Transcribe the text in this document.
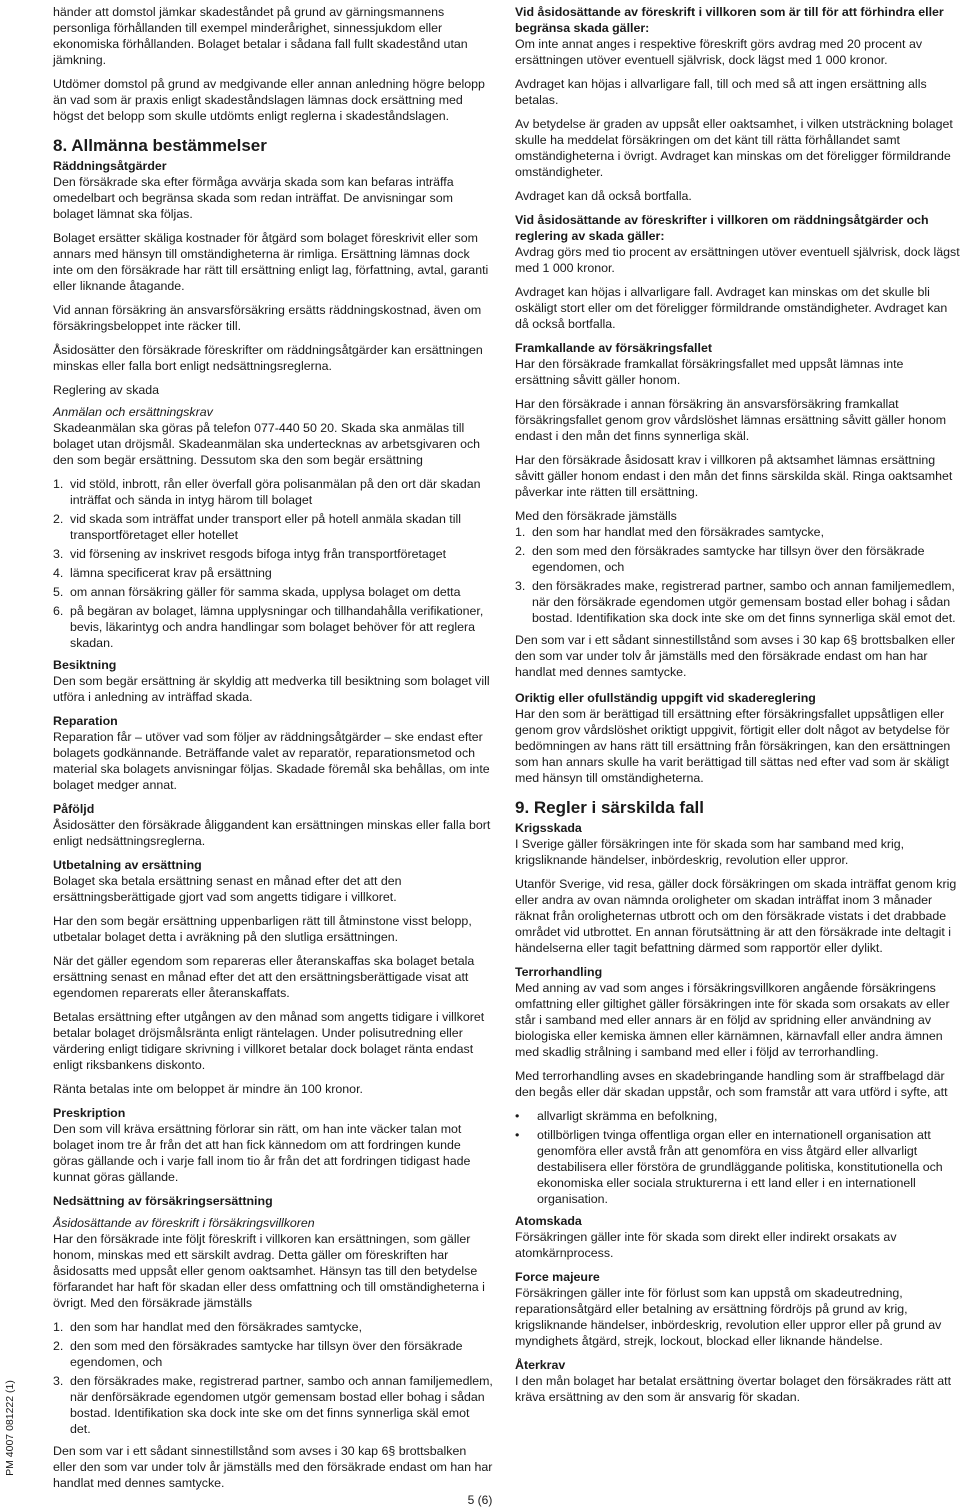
händer att domstol jämkar skadeståndet på grund av gärningsmannens personliga förhållanden till exempel minderårighet, sinnessjukdom eller ekonomiska förhållanden. Bolaget betalar i sådana fall fullt skadestånd utan jämkning.

Utdömer domstol på grund av medgivande eller annan anledning högre belopp än vad som är praxis enligt skadeståndslagen lämnas dock ersättning med högst det belopp som skulle utdömts enligt reglerna i skadeståndslagen.

8. Allmänna bestämmelser
Räddningsåtgärder

Den försäkrade ska efter förmåga avvärja skada som kan befaras inträffa omedelbart och begränsa skada som redan inträffat. De anvisningar som bolaget lämnat ska följas.

Bolaget ersätter skäliga kostnader för åtgärd som bolaget föreskrivit eller som annars med hänsyn till omständigheterna är rimliga. Ersättning lämnas dock inte om den försäkrade har rätt till ersättning enligt lag, författning, avtal, garanti eller liknande åtagande.

Vid annan försäkring än ansvarsförsäkring ersätts räddningskostnad, även om försäkringsbeloppet inte räcker till.

Åsidosätter den försäkrade föreskrifter om räddningsåtgärder kan ersättningen minskas eller falla bort enligt nedsättningsreglerna.

Reglering av skada
Anmälan och ersättningskrav

Skadeanmälan ska göras på telefon 077-440 50 20. Skada ska anmälas till bolaget utan dröjsmål. Skadeanmälan ska undertecknas av arbetsgivaren och den som begär ersättning. Dessutom ska den som begär ersättning

1. vid stöld, inbrott, rån eller överfall göra polisanmälan på den ort där skadan inträffat och sända in intyg härom till bolaget
2. vid skada som inträffat under transport eller på hotell anmäla skadan till transportföretaget eller hotellet
3. vid försening av inskrivet resgods bifoga intyg från transportföretaget
4. lämna specificerat krav på ersättning
5. om annan försäkring gäller för samma skada, upplysa bolaget om detta
6. på begäran av bolaget, lämna upplysningar och tillhandahålla verifikationer, bevis, läkarintyg och andra handlingar som bolaget behöver för att reglera skadan.
Besiktning

Den som begär ersättning är skyldig att medverka till besiktning som bolaget vill utföra i anledning av inträffad skada.

Reparation

Reparation får – utöver vad som följer av räddningsåtgärder – ske endast efter bolagets godkännande. Beträffande valet av reparatör, reparationsmetod och material ska bolagets anvisningar följas. Skadade föremål ska behållas, om inte bolaget medger annat.

Påföljd

Åsidosätter den försäkrade åliggandent kan ersättningen minskas eller falla bort enligt nedsättningsreglerna.

Utbetalning av ersättning

Bolaget ska betala ersättning senast en månad efter det att den ersättningsberättigade gjort vad som angetts tidigare i villkoret.

Har den som begär ersättning uppenbarligen rätt till åtminstone visst belopp, utbetalar bolaget detta i avräkning på den slutliga ersättningen.

När det gäller egendom som repareras eller återanskaffas ska bolaget betala ersättning senast en månad efter det att den ersättningsberättigade visat att egendomen reparerats eller återanskaffats.

Betalas ersättning efter utgången av den månad som angetts tidigare i villkoret betalar bolaget dröjsmålsränta enligt räntelagen. Under polisutredning eller värdering enligt tidigare skrivning i villkoret betalar dock bolaget ränta endast enligt riksbankens diskonto.

Ränta betalas inte om beloppet är mindre än 100 kronor.

Preskription

Den som vill kräva ersättning förlorar sin rätt, om han inte väcker talan mot bolaget inom tre år från det att han fick kännedom om att fordringen kunde göras gällande och i varje fall inom tio år från det att fordringen tidigast hade kunnat göras gällande.

Nedsättning av försäkringsersättning
Åsidosättande av föreskrift i försäkringsvillkoren

Har den försäkrade inte följt föreskrift i villkoren kan ersättningen, som gäller honom, minskas med ett särskilt avdrag. Detta gäller om föreskriften har åsidosatts med uppsåt eller genom oaktsamhet. Hänsyn tas till den betydelse förfarandet har haft för skadan eller dess omfattning och till omständigheterna i övrigt. Med den försäkrade jämställs

1. den som har handlat med den försäkrades samtycke,
2. den som med den försäkrades samtycke har tillsyn över den försäkrade egendomen, och
3. den försäkrades make, registrerad partner, sambo och annan familjemedlem, när denförsäkrade egendomen utgör gemensam bostad eller bohag i sådan bostad. Identifikation ska dock inte ske om det finns synnerliga skäl emot det.

Den som var i ett sådant sinnestillstånd som avses i 30 kap 6§ brottsbalken eller den som var under tolv år jämställs med den försäkrade endast om han har handlat med dennes samtycke.

Vid åsidosättande av föreskrift i villkoren som är till för att förhindra eller begränsa skada gäller:

Om inte annat anges i respektive föreskrift görs avdrag med 20 procent av ersättningen utöver eventuell självrisk, dock lägst med 1 000 kronor.

Avdraget kan höjas i allvarligare fall, till och med så att ingen ersättning alls betalas.

Av betydelse är graden av uppsåt eller oaktsamhet, i vilken utsträckning bolaget skulle ha meddelat försäkringen om det känt till rätta förhållandet samt omständigheterna i övrigt. Avdraget kan minskas om det föreligger förmildrande omständigheter.

Avdraget kan då också bortfalla.

Vid åsidosättande av föreskrifter i villkoren om räddningsåtgärder och reglering av skada gäller:

Avdrag görs med tio procent av ersättningen utöver eventuell självrisk, dock lägst med 1 000 kronor.

Avdraget kan höjas i allvarligare fall. Avdraget kan minskas om det skulle bli oskäligt stort eller om det föreligger förmildrande omständigheter. Avdraget kan då också bortfalla.

Framkallande av försäkringsfallet

Har den försäkrade framkallat försäkringsfallet med uppsåt lämnas inte ersättning såvitt gäller honom.

Har den försäkrade i annan försäkring än ansvarsförsäkring framkallat försäkringsfallet genom grov vårdslöshet lämnas ersättning såvitt gäller honom endast i den mån det finns synnerliga skäl.

Har den försäkrade åsidosatt krav i villkoren på aktsamhet lämnas ersättning såvitt gäller honom endast i den mån det finns särskilda skäl. Ringa oaktsamhet påverkar inte rätten till ersättning.

Med den försäkrade jämställs

1. den som har handlat med den försäkrades samtycke,
2. den som med den försäkrades samtycke har tillsyn över den försäkrade egendomen, och
3. den försäkrades make, registrerad partner, sambo och annan familjemedlem, när den försäkrade egendomen utgör gemensam bostad eller bohag i sådan bostad. Identifikation ska dock inte ske om det finns synnerliga skäl emot det.

Den som var i ett sådant sinnestillstånd som avses i 30 kap 6§ brottsbalken eller den som var under tolv år jämställs med den försäkrade endast om han har handlat med dennes samtycke.

Oriktig eller ofullständig uppgift vid skadereglering

Har den som är berättigad till ersättning efter försäkringsfallet uppsåtligen eller genom grov vårdslöshet oriktigt uppgivit, förtigit eller dolt något av betydelse för bedömningen av hans rätt till ersättning från försäkringen, kan den ersättningen som han annars skulle ha varit berättigad till sättas ned efter vad som är skäligt med hänsyn till omständigheterna.

9. Regler i särskilda fall
Krigsskada

I Sverige gäller försäkringen inte för skada som har samband med krig, krigsliknande händelser, inbördeskrig, revolution eller uppror.

Utanför Sverige, vid resa, gäller dock försäkringen om skada inträffat genom krig eller andra av ovan nämnda oroligheter om skadan inträffat inom 3 månader räknat från oroligheternas utbrott och om den försäkrade vistats i det drabbade området vid utbrottet. En annan förutsättning är att den försäkrade inte deltagit i händelserna eller tagit befattning därmed som rapportör eller dylikt.

Terrorhandling

Med anning av vad som anges i försäkringsvillkoren angående försäkringens omfattning eller giltighet gäller försäkringen inte för skada som orsakats av eller står i samband med eller annars är en följd av spridning eller användning av biologiska eller kemiska ämnen eller kärnämnen, kärnavfall eller andra ämnen med skadlig strålning i samband med eller i följd av terrorhandling.

Med terrorhandling avses en skadebringande handling som är straffbelagd där den begås eller där skadan uppstår, och som framstår att vara utförd i syfte, att

• allvarligt skrämma en befolkning,
• otillbörligen tvinga offentliga organ eller en internationell organisation att genomföra eller avstå från att genomföra en viss åtgärd eller allvarligt destabilisera eller förstöra de grundläggande politiska, konstitutionella och ekonomiska eller sociala strukturerna i ett land eller i en internationell organisation.
Atomskada

Försäkringen gäller inte för skada som direkt eller indirekt orsakats av atomkärnprocess.

Force majeure

Försäkringen gäller inte för förlust som kan uppstå om skadeutredning, reparationsåtgärd eller betalning av ersättning fördröjs på grund av krig, krigsliknande händelser, inbördeskrig, revolution eller uppror eller på grund av myndighets åtgärd, strejk, lockout, blockad eller liknande händelse.

Återkrav

I den mån bolaget har betalat ersättning övertar bolaget den försäkrades rätt att kräva ersättning av den som är ansvarig för skadan.

PM 4007 081222 (1)
5 (6)
